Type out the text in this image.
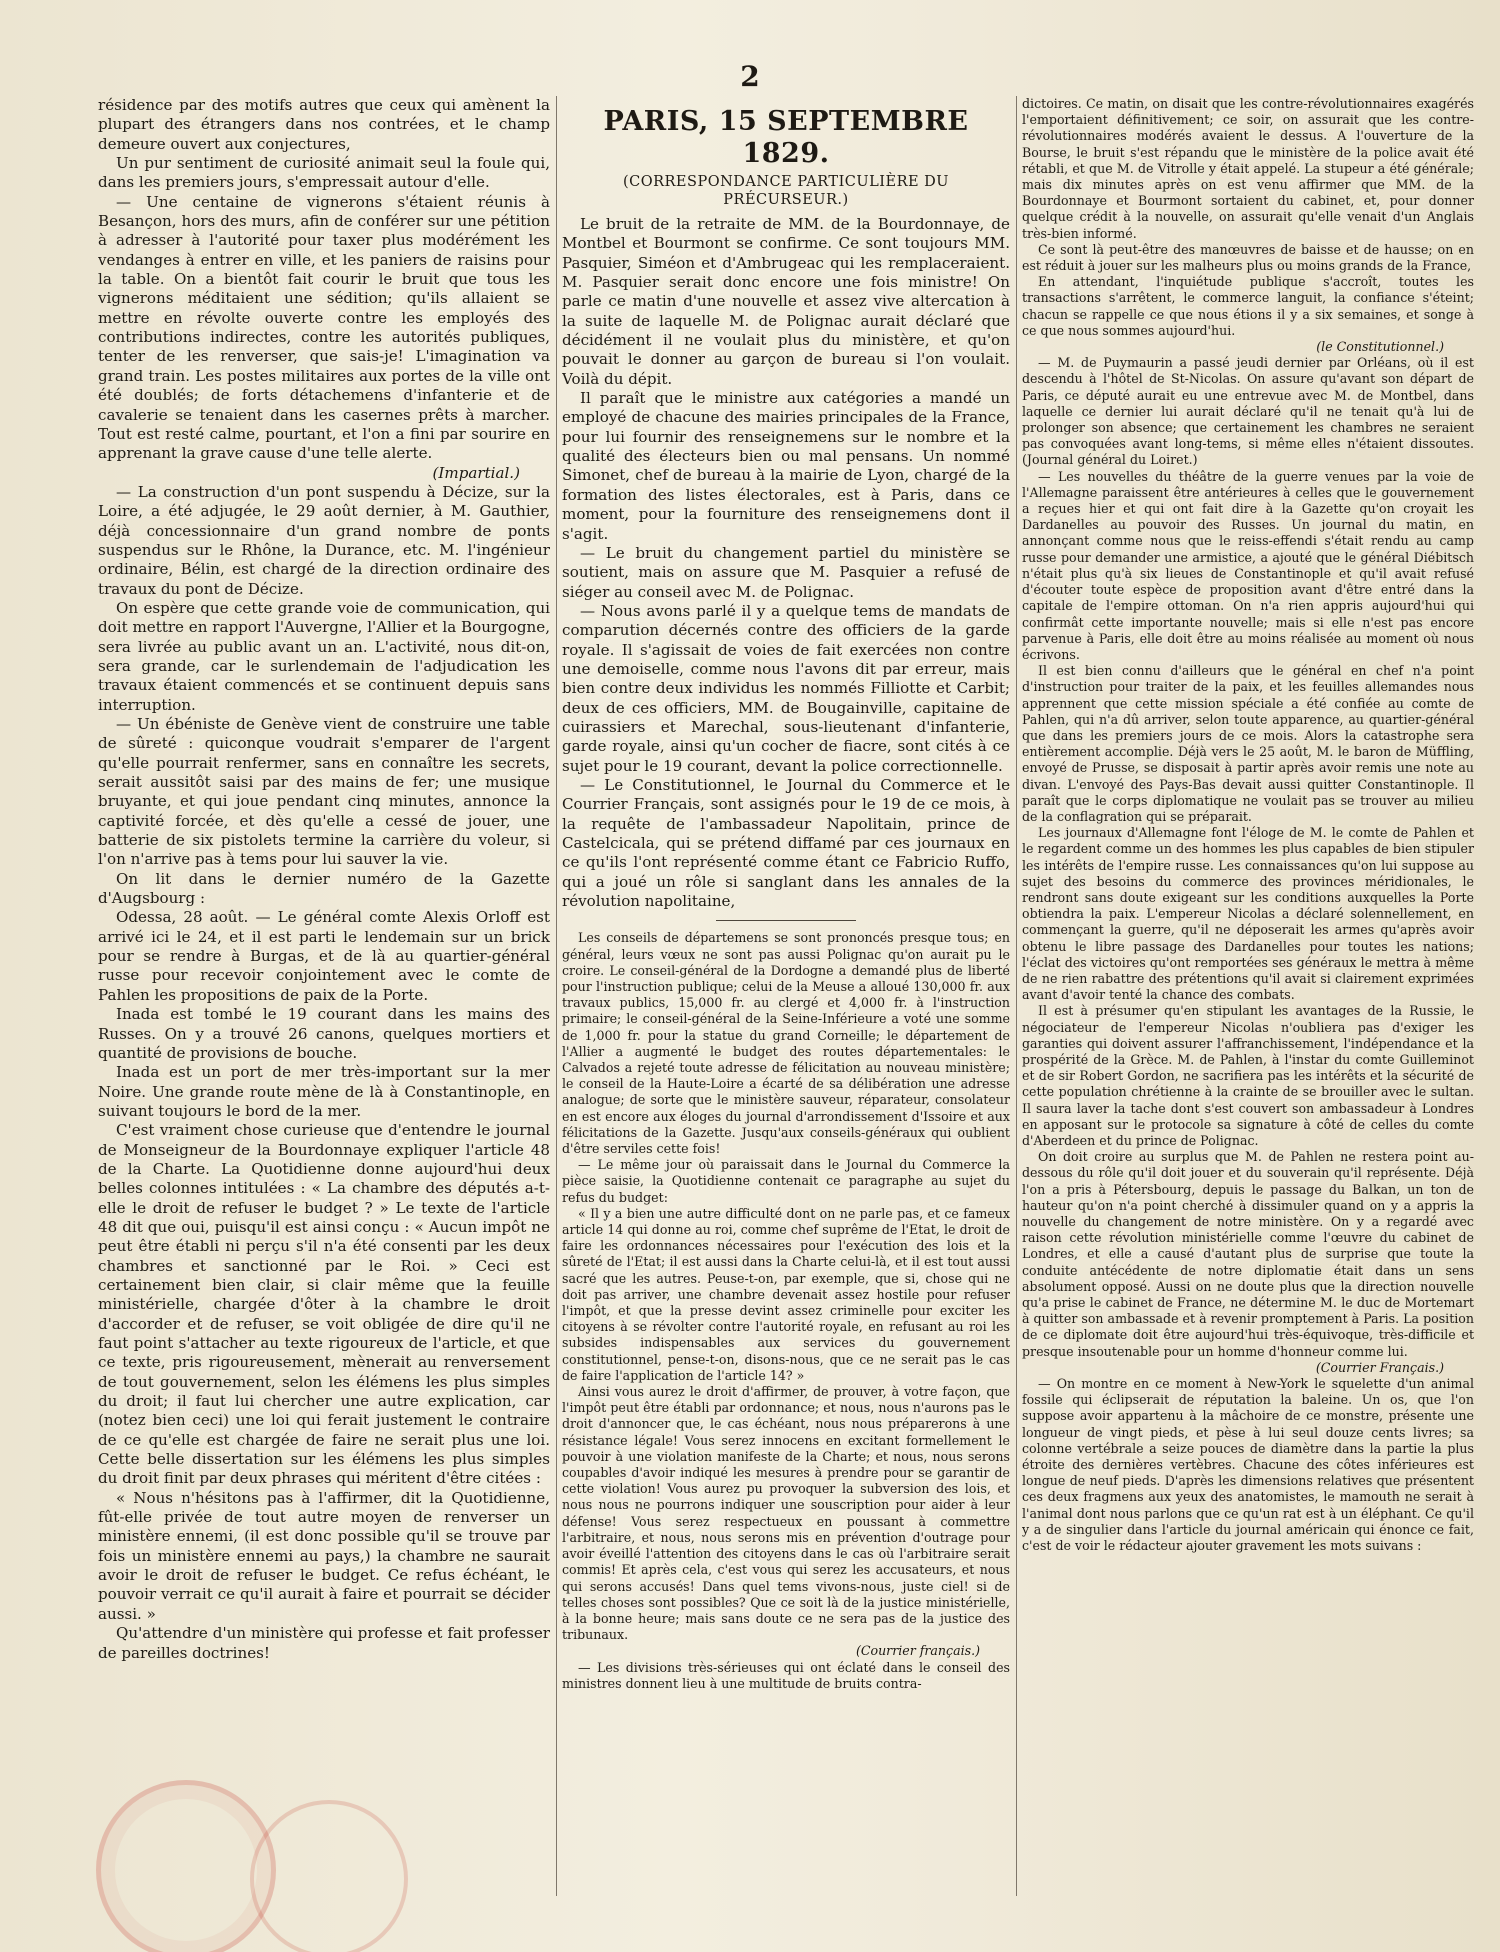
2

résidence par des motifs autres que ceux qui amènent la plupart des étrangers dans nos contrées, et le champ demeure ouvert aux conjectures,

Un pur sentiment de curiosité animait seul la foule qui, dans les premiers jours, s'empressait autour d'elle.

— Une centaine de vignerons s'étaient réunis à Besançon, hors des murs, afin de conférer sur une pétition à adresser à l'autorité pour taxer plus modérément les vendanges à entrer en ville, et les paniers de raisins pour la table. On a bientôt fait courir le bruit que tous les vignerons méditaient une sédition; qu'ils allaient se mettre en révolte ouverte contre les employés des contributions indirectes, contre les autorités publiques, tenter de les renverser, que sais-je! L'imagination va grand train. Les postes militaires aux portes de la ville ont été doublés; de forts détachemens d'infanterie et de cavalerie se tenaient dans les casernes prêts à marcher. Tout est resté calme, pourtant, et l'on a fini par sourire en apprenant la grave cause d'une telle alerte.

(Impartial.)

— La construction d'un pont suspendu à Décize, sur la Loire, a été adjugée, le 29 août dernier, à M. Gauthier, déjà concessionnaire d'un grand nombre de ponts suspendus sur le Rhône, la Durance, etc. M. l'ingénieur ordinaire, Bélin, est chargé de la direction ordinaire des travaux du pont de Décize.

On espère que cette grande voie de communication, qui doit mettre en rapport l'Auvergne, l'Allier et la Bourgogne, sera livrée au public avant un an. L'activité, nous dit-on, sera grande, car le surlendemain de l'adjudication les travaux étaient commencés et se continuent depuis sans interruption.

— Un ébéniste de Genève vient de construire une table de sûreté : quiconque voudrait s'emparer de l'argent qu'elle pourrait renfermer, sans en connaître les secrets, serait aussitôt saisi par des mains de fer; une musique bruyante, et qui joue pendant cinq minutes, annonce la captivité forcée, et dès qu'elle a cessé de jouer, une batterie de six pistolets termine la carrière du voleur, si l'on n'arrive pas à tems pour lui sauver la vie.

On lit dans le dernier numéro de la Gazette d'Augsbourg :

Odessa, 28 août. — Le général comte Alexis Orloff est arrivé ici le 24, et il est parti le lendemain sur un brick pour se rendre à Burgas, et de là au quartier-général russe pour recevoir conjointement avec le comte de Pahlen les propositions de paix de la Porte.

Inada est tombé le 19 courant dans les mains des Russes. On y a trouvé 26 canons, quelques mortiers et quantité de provisions de bouche.

Inada est un port de mer très-important sur la mer Noire. Une grande route mène de là à Constantinople, en suivant toujours le bord de la mer.

C'est vraiment chose curieuse que d'entendre le journal de Monseigneur de la Bourdonnaye expliquer l'article 48 de la Charte. La Quotidienne donne aujourd'hui deux belles colonnes intitulées : « La chambre des députés a-t-elle le droit de refuser le budget ? » Le texte de l'article 48 dit que oui, puisqu'il est ainsi conçu : « Aucun impôt ne peut être établi ni perçu s'il n'a été consenti par les deux chambres et sanctionné par le Roi. » Ceci est certainement bien clair, si clair même que la feuille ministérielle, chargée d'ôter à la chambre le droit d'accorder et de refuser, se voit obligée de dire qu'il ne faut point s'attacher au texte rigoureux de l'article, et que ce texte, pris rigoureusement, mènerait au renversement de tout gouvernement, selon les élémens les plus simples du droit; il faut lui chercher une autre explication, car (notez bien ceci) une loi qui ferait justement le contraire de ce qu'elle est chargée de faire ne serait plus une loi. Cette belle dissertation sur les élémens les plus simples du droit finit par deux phrases qui méritent d'être citées :

« Nous n'hésitons pas à l'affirmer, dit la Quotidienne, fût-elle privée de tout autre moyen de renverser un ministère ennemi, (il est donc possible qu'il se trouve par fois un ministère ennemi au pays,) la chambre ne saurait avoir le droit de refuser le budget. Ce refus échéant, le pouvoir verrait ce qu'il aurait à faire et pourrait se décider aussi. »

Qu'attendre d'un ministère qui professe et fait professer de pareilles doctrines!

PARIS, 15 SEPTEMBRE 1829.
(CORRESPONDANCE PARTICULIÈRE DU PRÉCURSEUR.)

Le bruit de la retraite de MM. de la Bourdonnaye, de Montbel et Bourmont se confirme. Ce sont toujours MM. Pasquier, Siméon et d'Ambrugeac qui les remplaceraient. M. Pasquier serait donc encore une fois ministre! On parle ce matin d'une nouvelle et assez vive altercation à la suite de laquelle M. de Polignac aurait déclaré que décidément il ne voulait plus du ministère, et qu'on pouvait le donner au garçon de bureau si l'on voulait. Voilà du dépit.

Il paraît que le ministre aux catégories a mandé un employé de chacune des mairies principales de la France, pour lui fournir des renseignemens sur le nombre et la qualité des électeurs bien ou mal pensans. Un nommé Simonet, chef de bureau à la mairie de Lyon, chargé de la formation des listes électorales, est à Paris, dans ce moment, pour la fourniture des renseignemens dont il s'agit.

— Le bruit du changement partiel du ministère se soutient, mais on assure que M. Pasquier a refusé de siéger au conseil avec M. de Polignac.

— Nous avons parlé il y a quelque tems de mandats de comparution décernés contre des officiers de la garde royale. Il s'agissait de voies de fait exercées non contre une demoiselle, comme nous l'avons dit par erreur, mais bien contre deux individus les nommés Filliotte et Carbit; deux de ces officiers, MM. de Bougainville, capitaine de cuirassiers et Marechal, sous-lieutenant d'infanterie, garde royale, ainsi qu'un cocher de fiacre, sont cités à ce sujet pour le 19 courant, devant la police correctionnelle.

— Le Constitutionnel, le Journal du Commerce et le Courrier Français, sont assignés pour le 19 de ce mois, à la requête de l'ambassadeur Napolitain, prince de Castelcicala, qui se prétend diffamé par ces journaux en ce qu'ils l'ont représenté comme étant ce Fabricio Ruffo, qui a joué un rôle si sanglant dans les annales de la révolution napolitaine,

Les conseils de départemens se sont prononcés presque tous; en général, leurs vœux ne sont pas aussi Polignac qu'on aurait pu le croire. Le conseil-général de la Dordogne a demandé plus de liberté pour l'instruction publique; celui de la Meuse a alloué 130,000 fr. aux travaux publics, 15,000 fr. au clergé et 4,000 fr. à l'instruction primaire; le conseil-général de la Seine-Inférieure a voté une somme de 1,000 fr. pour la statue du grand Corneille; le département de l'Allier a augmenté le budget des routes départementales: le Calvados a rejeté toute adresse de félicitation au nouveau ministère; le conseil de la Haute-Loire a écarté de sa délibération une adresse analogue; de sorte que le ministère sauveur, réparateur, consolateur en est encore aux éloges du journal d'arrondissement d'Issoire et aux félicitations de la Gazette. Jusqu'aux conseils-généraux qui oublient d'être serviles cette fois!

— Le même jour où paraissait dans le Journal du Commerce la pièce saisie, la Quotidienne contenait ce paragraphe au sujet du refus du budget:

« Il y a bien une autre difficulté dont on ne parle pas, et ce fameux article 14 qui donne au roi, comme chef suprême de l'Etat, le droit de faire les ordonnances nécessaires pour l'exécution des lois et la sûreté de l'Etat; il est aussi dans la Charte celui-là, et il est tout aussi sacré que les autres. Peuse-t-on, par exemple, que si, chose qui ne doit pas arriver, une chambre devenait assez hostile pour refuser l'impôt, et que la presse devint assez criminelle pour exciter les citoyens à se révolter contre l'autorité royale, en refusant au roi les subsides indispensables aux services du gouvernement constitutionnel, pense-t-on, disons-nous, que ce ne serait pas le cas de faire l'application de l'article 14? »

Ainsi vous aurez le droit d'affirmer, de prouver, à votre façon, que l'impôt peut être établi par ordonnance; et nous, nous n'aurons pas le droit d'annoncer que, le cas échéant, nous nous préparerons à une résistance légale! Vous serez innocens en excitant formellement le pouvoir à une violation manifeste de la Charte; et nous, nous serons coupables d'avoir indiqué les mesures à prendre pour se garantir de cette violation! Vous aurez pu provoquer la subversion des lois, et nous nous ne pourrons indiquer une souscription pour aider à leur défense! Vous serez respectueux en poussant à commettre l'arbitraire, et nous, nous serons mis en prévention d'outrage pour avoir éveillé l'attention des citoyens dans le cas où l'arbitraire serait commis! Et après cela, c'est vous qui serez les accusateurs, et nous qui serons accusés! Dans quel tems vivons-nous, juste ciel! si de telles choses sont possibles? Que ce soit là de la justice ministérielle, à la bonne heure; mais sans doute ce ne sera pas de la justice des tribunaux.

(Courrier français.)

— Les divisions très-sérieuses qui ont éclaté dans le conseil des ministres donnent lieu à une multitude de bruits contra-

dictoires. Ce matin, on disait que les contre-révolutionnaires exagérés l'emportaient définitivement; ce soir, on assurait que les contre-révolutionnaires modérés avaient le dessus. A l'ouverture de la Bourse, le bruit s'est répandu que le ministère de la police avait été rétabli, et que M. de Vitrolle y était appelé. La stupeur a été générale; mais dix minutes après on est venu affirmer que MM. de la Bourdonnaye et Bourmont sortaient du cabinet, et, pour donner quelque crédit à la nouvelle, on assurait qu'elle venait d'un Anglais très-bien informé.

Ce sont là peut-être des manœuvres de baisse et de hausse; on en est réduit à jouer sur les malheurs plus ou moins grands de la France,

En attendant, l'inquiétude publique s'accroît, toutes les transactions s'arrêtent, le commerce languit, la confiance s'éteint; chacun se rappelle ce que nous étions il y a six semaines, et songe à ce que nous sommes aujourd'hui.

(le Constitutionnel.)

— M. de Puymaurin a passé jeudi dernier par Orléans, où il est descendu à l'hôtel de St-Nicolas. On assure qu'avant son départ de Paris, ce député aurait eu une entrevue avec M. de Montbel, dans laquelle ce dernier lui aurait déclaré qu'il ne tenait qu'à lui de prolonger son absence; que certainement les chambres ne seraient pas convoquées avant long-tems, si même elles n'étaient dissoutes. (Journal général du Loiret.)

— Les nouvelles du théâtre de la guerre venues par la voie de l'Allemagne paraissent être antérieures à celles que le gouvernement a reçues hier et qui ont fait dire à la Gazette qu'on croyait les Dardanelles au pouvoir des Russes. Un journal du matin, en annonçant comme nous que le reiss-effendi s'était rendu au camp russe pour demander une armistice, a ajouté que le général Diébitsch n'était plus qu'à six lieues de Constantinople et qu'il avait refusé d'écouter toute espèce de proposition avant d'être entré dans la capitale de l'empire ottoman. On n'a rien appris aujourd'hui qui confirmât cette importante nouvelle; mais si elle n'est pas encore parvenue à Paris, elle doit être au moins réalisée au moment où nous écrivons.

Il est bien connu d'ailleurs que le général en chef n'a point d'instruction pour traiter de la paix, et les feuilles allemandes nous apprennent que cette mission spéciale a été confiée au comte de Pahlen, qui n'a dû arriver, selon toute apparence, au quartier-général que dans les premiers jours de ce mois. Alors la catastrophe sera entièrement accomplie. Déjà vers le 25 août, M. le baron de Müffling, envoyé de Prusse, se disposait à partir après avoir remis une note au divan. L'envoyé des Pays-Bas devait aussi quitter Constantinople. Il paraît que le corps diplomatique ne voulait pas se trouver au milieu de la conflagration qui se préparait.

Les journaux d'Allemagne font l'éloge de M. le comte de Pahlen et le regardent comme un des hommes les plus capables de bien stipuler les intérêts de l'empire russe. Les connaissances qu'on lui suppose au sujet des besoins du commerce des provinces méridionales, le rendront sans doute exigeant sur les conditions auxquelles la Porte obtiendra la paix. L'empereur Nicolas a déclaré solennellement, en commençant la guerre, qu'il ne déposerait les armes qu'après avoir obtenu le libre passage des Dardanelles pour toutes les nations; l'éclat des victoires qu'ont remportées ses généraux le mettra à même de ne rien rabattre des prétentions qu'il avait si clairement exprimées avant d'avoir tenté la chance des combats.

Il est à présumer qu'en stipulant les avantages de la Russie, le négociateur de l'empereur Nicolas n'oubliera pas d'exiger les garanties qui doivent assurer l'affranchissement, l'indépendance et la prospérité de la Grèce. M. de Pahlen, à l'instar du comte Guilleminot et de sir Robert Gordon, ne sacrifiera pas les intérêts et la sécurité de cette population chrétienne à la crainte de se brouiller avec le sultan. Il saura laver la tache dont s'est couvert son ambassadeur à Londres en apposant sur le protocole sa signature à côté de celles du comte d'Aberdeen et du prince de Polignac.

On doit croire au surplus que M. de Pahlen ne restera point au-dessous du rôle qu'il doit jouer et du souverain qu'il représente. Déjà l'on a pris à Pétersbourg, depuis le passage du Balkan, un ton de hauteur qu'on n'a point cherché à dissimuler quand on y a appris la nouvelle du changement de notre ministère. On y a regardé avec raison cette révolution ministérielle comme l'œuvre du cabinet de Londres, et elle a causé d'autant plus de surprise que toute la conduite antécédente de notre diplomatie était dans un sens absolument opposé. Aussi on ne doute plus que la direction nouvelle qu'a prise le cabinet de France, ne détermine M. le duc de Mortemart à quitter son ambassade et à revenir promptement à Paris. La position de ce diplomate doit être aujourd'hui très-équivoque, très-difficile et presque insoutenable pour un homme d'honneur comme lui.

(Courrier Français.)

— On montre en ce moment à New-York le squelette d'un animal fossile qui éclipserait de réputation la baleine. Un os, que l'on suppose avoir appartenu à la mâchoire de ce monstre, présente une longueur de vingt pieds, et pèse à lui seul douze cents livres; sa colonne vertébrale a seize pouces de diamètre dans la partie la plus étroite des dernières vertèbres. Chacune des côtes inférieures est longue de neuf pieds. D'après les dimensions relatives que présentent ces deux fragmens aux yeux des anatomistes, le mamouth ne serait à l'animal dont nous parlons que ce qu'un rat est à un éléphant. Ce qu'il y a de singulier dans l'article du journal américain qui énonce ce fait, c'est de voir le rédacteur ajouter gravement les mots suivans :
